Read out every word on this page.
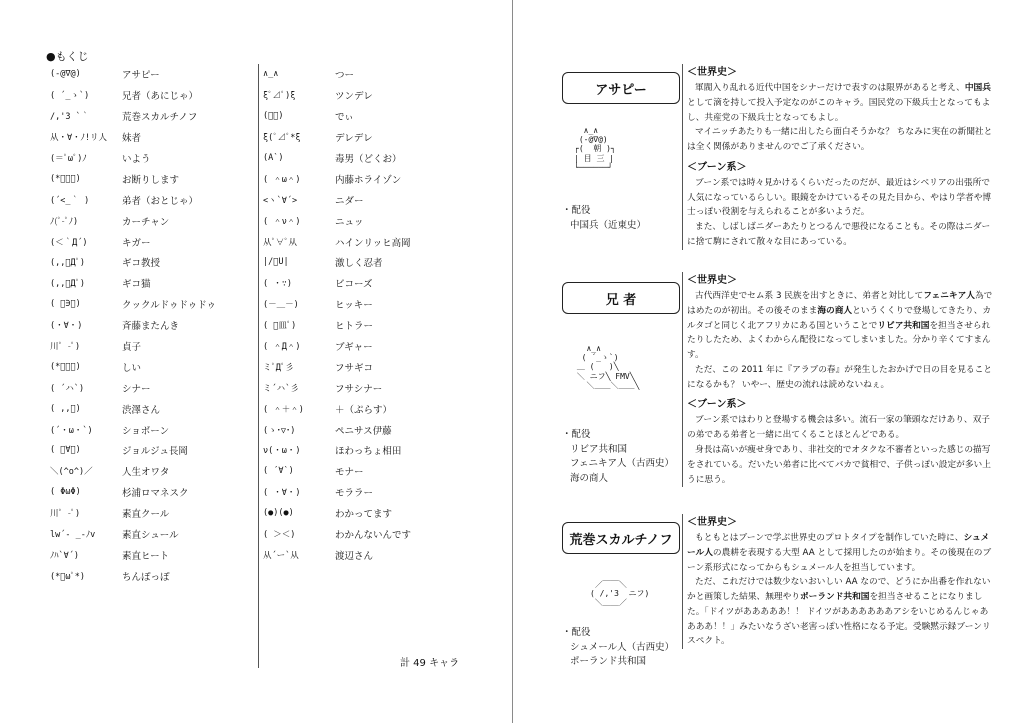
●もくじ
(-@∇@)	アサピー
( ´_ゝ`)	兄者（あにじゃ）
/,'3 `｀	荒巻スカルチノフ
从・∀・ﾉ!リ人	妹者
(＝ﾟωﾟ)ﾉ	いよう
(*ﾟーﾟ)	お断りします
(´<_｀ )	弟者（おとじゃ）
ﾉ(ﾟ-ﾟﾉ)	カーチャン
(＜｀Д´)	キガー
(,,ﾟДﾟ)	ギコ教授
(,,ﾟДﾟ)	ギコ猫
( ﾟ∋ﾟ)	クックルドゥドゥドゥ
(・∀・)	斉藤またんき
川ﾟ -ﾟ)	貞子
(*ﾟーﾟ)	しい
( ´ハ`)	シナー
( ,,ﾟ)	渋澤さん
(´・ω・`)	ショボーン
( ﾟ∀ﾟ)	ジョルジュ長岡
＼(^o^)／	人生オワタ
( ΦωΦ)	杉浦ロマネスク
川ﾟ -ﾟ)	素直クール
lw´‐ _‐ﾉv	素直シュール
ﾉﾊ`∀´)	素直ヒート
(*ﾟωﾟ*)	ちんぽっぽ
∧_∧	つー
ξﾟ⊿ﾟ)ξ	ツンデレ
(ﾟー)	でぃ
ξ(ﾟ⊿ﾟ*ξ	デレデレ
(A`)	毒男（どくお）
( ＾ω＾)	内藤ホライゾン
<ヽ`∀´>	ニダー
( ＾ν＾)	ニュッ
从ﾟ∀ﾟ从	ハインリッヒ高岡
|/ﾟU|	激しく忍者
( ・∵)	ビコーズ
(－＿－)	ヒッキー
( ﾟ皿ﾟ)	ヒトラー
( ＾Д＾)	ブギャー
ミﾟДﾟ彡	フサギコ
ミ´ハ`彡	フサシナー
( ＾＋＾)	＋（ぷらす）
(ゝ･▽･)	ペニサス伊藤
ν(・ω・)	ほわっちょ相田
( ´∀`)	モナー
( ・∀・)	モララー
(●)(●)	わかってます
( ＞＜)	わかんないんです
从´ー`从	渡辺さん
計 49 キャラ
アサピー
∧_∧
(-@∇@)
┌(  朝 )┐
| 目 三 |
└──────┘
・配役
中国兵（近東史）
＜世界史＞

軍閥入り乱れる近代中国をシナーだけで表すのは限界があると考え、中国兵として滴を持して投入予定なのがこのキャラ。国民党の下級兵士となってもよし、共産党の下級兵士となってもよし。

マイニッチあたりも一緒に出したら面白そうかな？ ちなみに実在の新聞社とは全く関係がありませんのでご了承ください。

＜ブーン系＞

ブーン系では時々見かけるくらいだったのだが、最近はシベリアの出張所で人気になっているらしい。眼鏡をかけているその見た目から、やはり学者や博士っぽい役割を与えられることが多いようだ。

また、しばしばニダーあたりとつるんで悪役になることも。その際はニダーに捨て駒にされて散々な目にあっている。

兄 者
∧_∧
( ´_ゝ`)
＿ (   )╲
＼ ニフ╲ FMV╲
＼＿＿＼＿＿╲
・配役
リビア共和国
フェニキア人（古西史）
海の商人
＜世界史＞

古代西洋史でセム系 3 民族を出すときに、弟者と対比してフェニキア人為ではめたのが初出。その後そのまま海の商人というくくりで登場してきたり、カルタゴと同じく北アフリカにある国ということでリビア共和国を担当させられたりしたため、よくわからん配役になってしまいました。分かり辛くてすまんす。

ただ、この 2011 年に『アラブの春』が発生したおかげで日の目を見ることになるかも？ いやー、歴史の流れは読めないねぇ。

＜ブーン系＞

ブーン系ではわりと登場する機会は多い。流石一家の筆頭なだけあり、双子の弟である弟者と一緒に出てくることほとんどである。

身長は高いが痩せ身であり、非社交的でオタクな不審者といった感じの描写をされている。だいたい弟者に比べてバカで貧相で、子供っぽい設定が多い上うに思う。

荒巻スカルチノフ
／￣￣＼
( /,'3  ニフ)
＼＿＿／
・配役
シュメール人（古西史）
ポーランド共和国
＜世界史＞

もともとはブーンで学ぶ世界史のプロトタイプを制作していた時に、シュメール人の農耕を表現する大型 AA として採用したのが始まり。その後現在のブーン系形式になってからもシュメール人を担当しています。

ただ、これだけでは数少ないおいしい AA なので、どうにか出番を作れないかと画策した結果、無理やりポーランド共和国を担当させることになりました。「ドイツがあああああ！！ ドイツがああああああアシをいじめるんじゃああああ！！」みたいなうざい老害っぽい性格になる予定。受験黙示録ブーンリスペクト。
